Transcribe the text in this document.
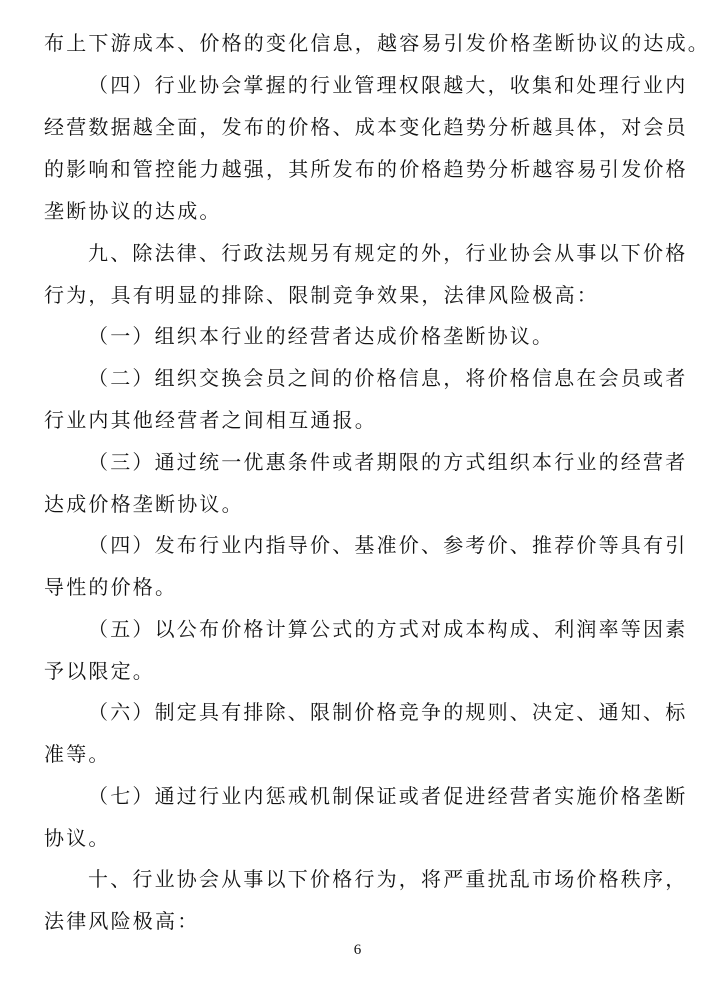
布上下游成本、价格的变化信息，越容易引发价格垄断协议的达成。
（四）行业协会掌握的行业管理权限越大，收集和处理行业内
经营数据越全面，发布的价格、成本变化趋势分析越具体，对会员
的影响和管控能力越强，其所发布的价格趋势分析越容易引发价格
垄断协议的达成。
九、除法律、行政法规另有规定的外，行业协会从事以下价格
行为，具有明显的排除、限制竞争效果，法律风险极高：
（一）组织本行业的经营者达成价格垄断协议。
（二）组织交换会员之间的价格信息，将价格信息在会员或者
行业内其他经营者之间相互通报。
（三）通过统一优惠条件或者期限的方式组织本行业的经营者
达成价格垄断协议。
（四）发布行业内指导价、基准价、参考价、推荐价等具有引
导性的价格。
（五）以公布价格计算公式的方式对成本构成、利润率等因素
予以限定。
（六）制定具有排除、限制价格竞争的规则、决定、通知、标
准等。
（七）通过行业内惩戒机制保证或者促进经营者实施价格垄断
协议。
十、行业协会从事以下价格行为，将严重扰乱市场价格秩序，
法律风险极高：
6
